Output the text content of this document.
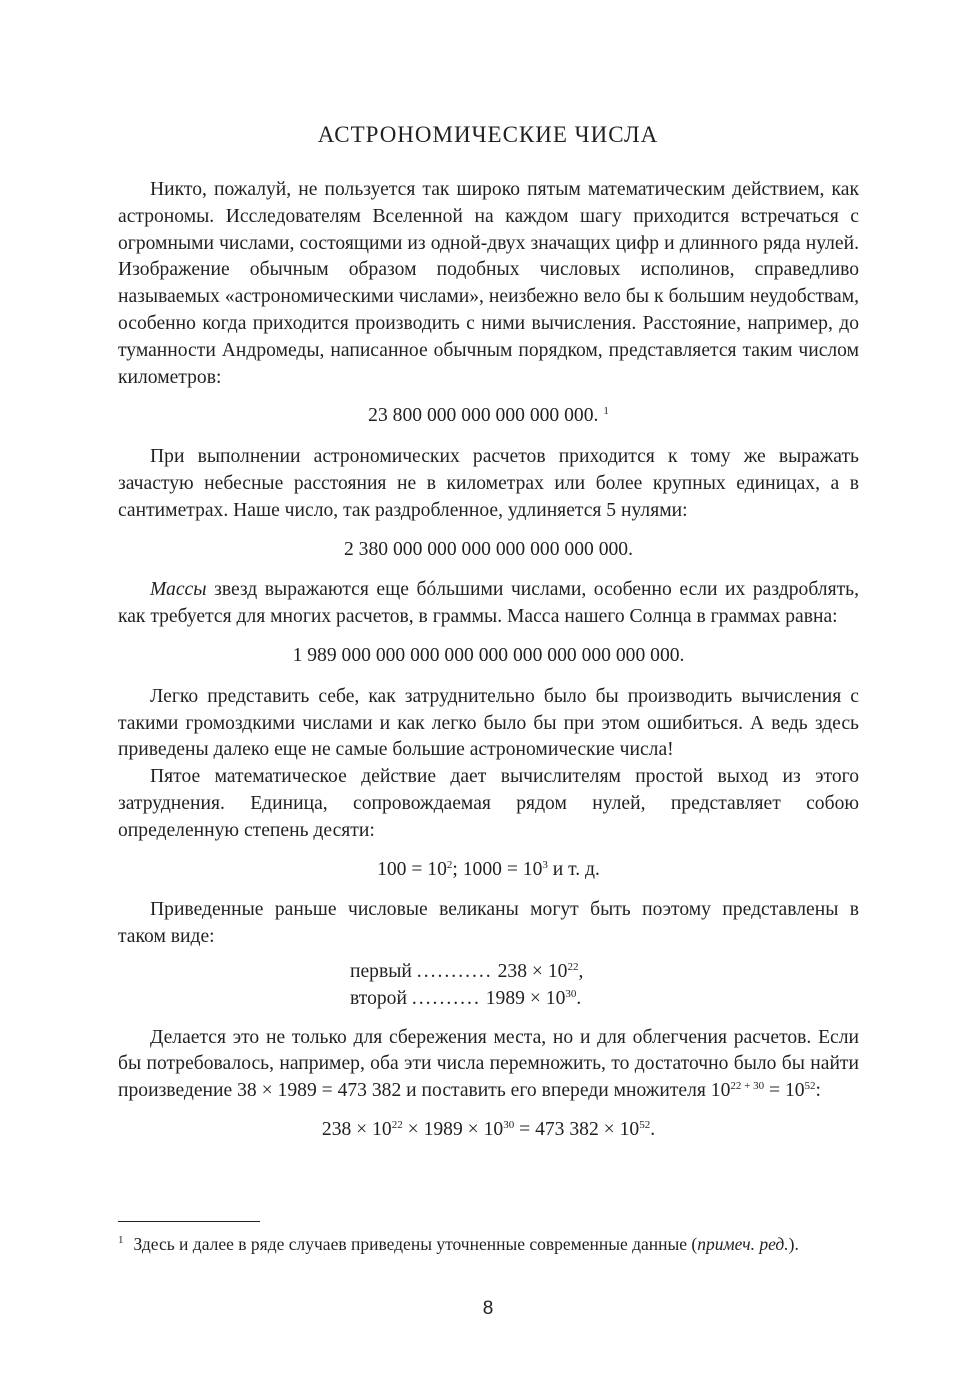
АСТРОНОМИЧЕСКИЕ ЧИСЛА

Никто, пожалуй, не пользуется так широко пятым математическим действием, как астрономы. Исследователям Вселенной на каждом шагу приходится встречаться с огромными числами, состоящими из одной-двух значащих цифр и длинного ряда нулей. Изображение обычным образом подобных числовых исполинов, справедливо называемых «астрономическими числами», неизбежно вело бы к большим неудобствам, особенно когда приходится производить с ними вычисления. Расстояние, например, до туманности Андромеды, написанное обычным порядком, представляется таким числом километров:

23 800 000 000 000 000 000. $^1$

При выполнении астрономических расчетов приходится к тому же выражать зачастую небесные расстояния не в километрах или более крупных единицах, а в сантиметрах. Наше число, так раздробленное, удлиняется 5 нулями:

2 380 000 000 000 000 000 000 000.

Массы звезд выражаются еще бóльшими числами, особенно если их раздроблять, как требуется для многих расчетов, в граммы. Масса нашего Солнца в граммах равна:

1 989 000 000 000 000 000 000 000 000 000 000.

Легко представить себе, как затруднительно было бы производить вычисления с такими громоздкими числами и как легко было бы при этом ошибиться. А ведь здесь приведены далеко еще не самые большие астрономические числа!

Пятое математическое действие дает вычислителям простой выход из этого затруднения. Единица, сопровождаемая рядом нулей, представляет собою определенную степень десяти:

$100 = 10^2$; $1000 = 10^3$ и т. д.

Приведенные раньше числовые великаны могут быть поэтому представлены в таком виде:

первый ........... $238 \times 10^{22}$,
второй .......... $1989 \times 10^{30}$.

Делается это не только для сбережения места, но и для облегчения расчетов. Если бы потребовалось, например, оба эти числа перемножить, то достаточно было бы найти произведение 38 × 1989 = 473 382 и поставить его впереди множителя $10^{22 + 30} = 10^{52}$:

$238 \times 10^{22} \times 1989 \times 10^{30} = 473$ $382 \times 10^{52}$.

$^1$ Здесь и далее в ряде случаев приведены уточненные современные данные (примеч. ред.).
8
